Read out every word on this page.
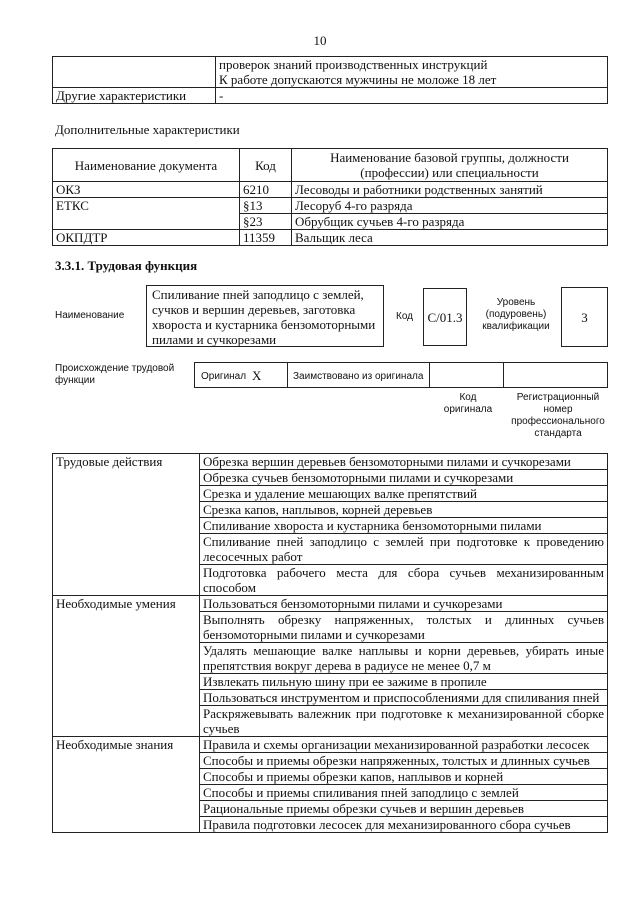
10

	проверок знаний производственных инструкций
К работе допускаются мужчины не моложе 18 лет

Другие характеристики	-
Дополнительные характеристики
Наименование документа	Код	Наименование базовой группы, должности (профессии) или специальности
ОКЗ	6210	Лесоводы и работники родственных занятий
ЕТКС	§13	Лесоруб 4-го разряда
	§23	Обрубщик сучьев 4-го разряда
ОКПДТР	11359	Вальщик леса
3.3.1. Трудовая функция
Наименование
Спиливание пней заподлицо с землей, сучков и вершин деревьев, заготовка хвороста и кустарника бензомоторными пилами и сучкорезами
Код	С/01.3
Уровень (подуровень) квалификации
3
Происхождение трудовой функции	Оригинал Х	Заимствовано из оригинала
Код оригинала
Регистрационный номер профессионального стандарта
Трудовые действия	Обрезка вершин деревьев бензомоторными пилами и сучкорезами
	Обрезка сучьев бензомоторными пилами и сучкорезами
	Срезка и удаление мешающих валке препятствий
	Срезка капов, наплывов, корней деревьев
	Спиливание хвороста и кустарника бензомоторными пилами
	Спиливание пней заподлицо с землей при подготовке к проведению лесосечных работ
	Подготовка рабочего места для сбора сучьев механизированным способом
Необходимые умения	Пользоваться бензомоторными пилами и сучкорезами
	Выполнять обрезку напряженных, толстых и длинных сучьев бензомоторными пилами и сучкорезами
	Удалять мешающие валке наплывы и корни деревьев, убирать иные препятствия вокруг дерева в радиусе не менее 0,7 м
	Извлекать пильную шину при ее зажиме в пропиле
	Пользоваться инструментом и приспособлениями для спиливания пней
	Раскряжевывать валежник при подготовке к механизированной сборке сучьев
Необходимые знания	Правила и схемы организации механизированной разработки лесосек
	Способы и приемы обрезки напряженных, толстых и длинных сучьев
	Способы и приемы обрезки капов, наплывов и корней
	Способы и приемы спиливания пней заподлицо с землей
	Рациональные приемы обрезки сучьев и вершин деревьев
	Правила подготовки лесосек для механизированного сбора сучьев
